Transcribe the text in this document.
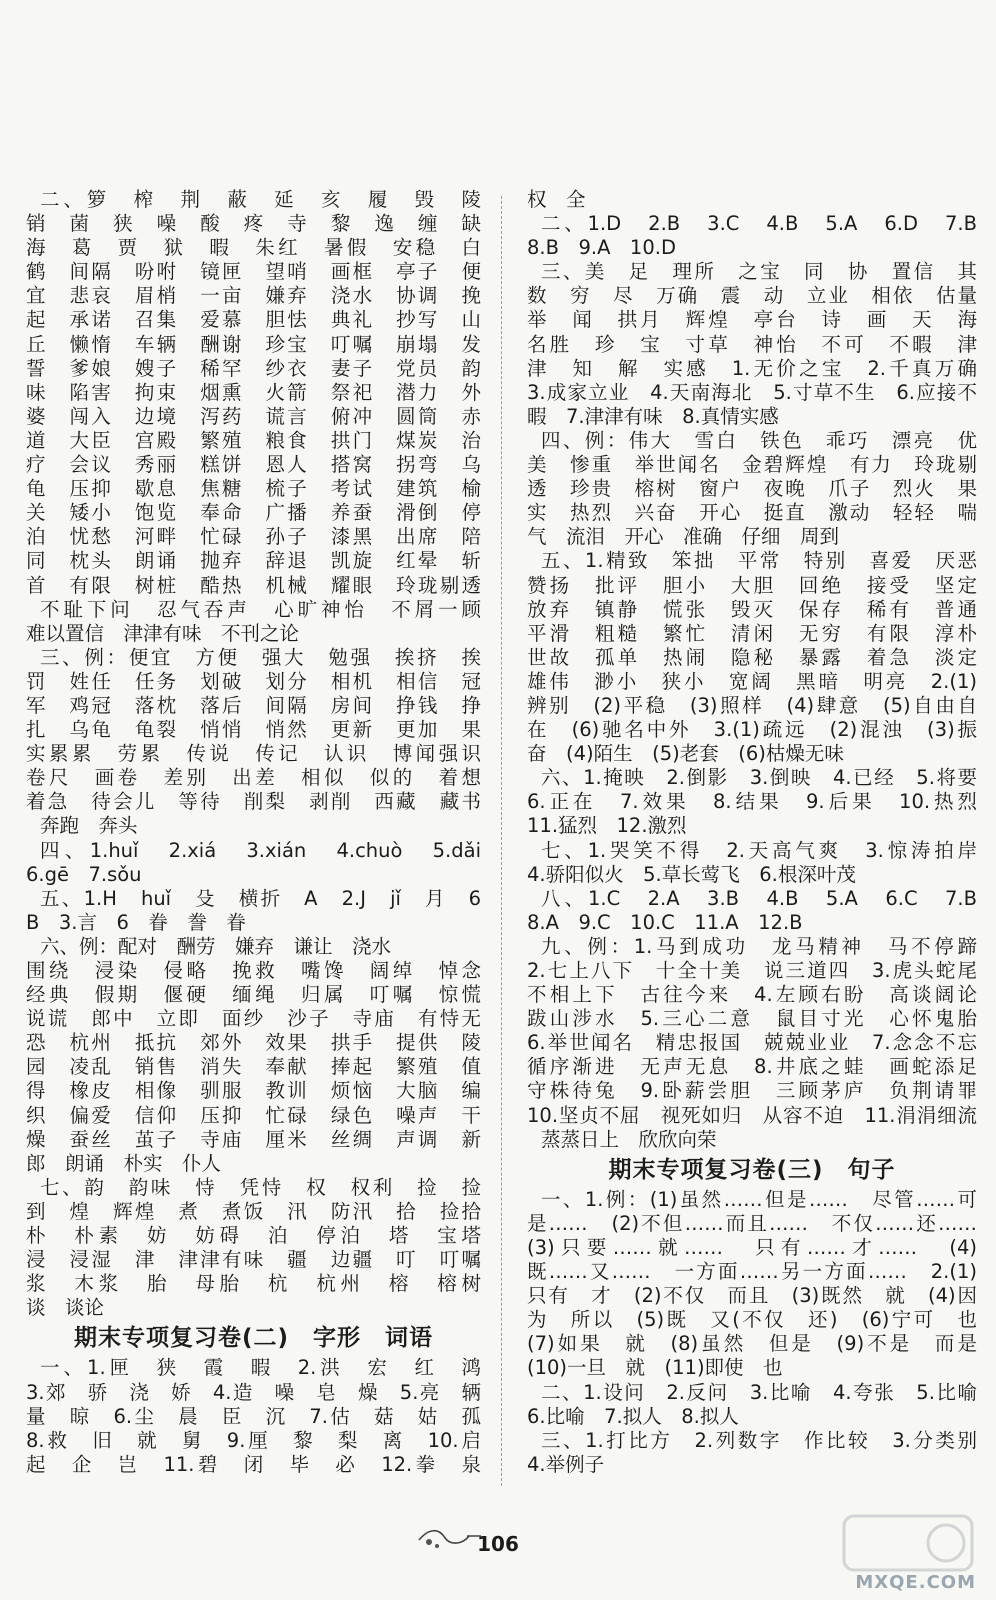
二、箩　榨　荆　蔽　延　亥　履　毁　陵
销　菌　狭　噪　酸　疼　寺　黎　逸　缠　缺
海　葛　贾　狱　暇　朱红　暑假　安稳　白
鹤　间隔　吩咐　镜匣　望哨　画框　亭子　便
宜　悲哀　眉梢　一亩　嫌弃　浇水　协调　挽
起　承诺　召集　爱慕　胆怯　典礼　抄写　山
丘　懒惰　车辆　酬谢　珍宝　叮嘱　崩塌　发
誓　爹娘　嫂子　稀罕　纱衣　妻子　党员　韵
味　陷害　拘束　烟熏　火箭　祭祀　潜力　外
婆　闯入　边境　泻药　谎言　俯冲　圆筒　赤
道　大臣　宫殿　繁殖　粮食　拱门　煤炭　治
疗　会议　秀丽　糕饼　恩人　搭窝　拐弯　乌
龟　压抑　歇息　焦糖　梳子　考试　建筑　榆
关　矮小　饱览　奉命　广播　养蚕　滑倒　停
泊　忧愁　河畔　忙碌　孙子　漆黑　出席　陪
同　枕头　朗诵　抛弃　辞退　凯旋　红晕　斩
首　有限　树桩　酷热　机械　耀眼　玲珑剔透
不耻下问　忍气吞声　心旷神怡　不屑一顾
难以置信　津津有味　不刊之论
三、例：便宜　方便　强大　勉强　挨挤　挨
罚　姓任　任务　划破　划分　相机　相信　冠
军　鸡冠　落枕　落后　间隔　房间　挣钱　挣
扎　乌龟　龟裂　悄悄　悄然　更新　更加　果
实累累　劳累　传说　传记　认识　博闻强识
卷尺　画卷　差别　出差　相似　似的　着想
着急　待会儿　等待　削梨　剥削　西藏　藏书
奔跑　奔头
四、1.huǐ　2.xiá　3.xián　4.chuò　5.dǎi
6.gē　7.sǒu
五、1.H　huǐ　殳　横折　A　2.J　jǐ　月　6
B　3.言　6　眷　誊　眷
六、例：配对　酬劳　嫌弃　谦让　浇水
围绕　浸染　侵略　挽救　嘴馋　阔绰　悼念
经典　假期　偃硬　缅绳　归属　叮嘱　惊慌
说谎　郎中　立即　面纱　沙子　寺庙　有恃无
恐　杭州　抵抗　郊外　效果　拱手　提供　陵
园　凌乱　销售　消失　奉献　捧起　繁殖　值
得　橡皮　相像　驯服　教训　烦恼　大脑　编
织　偏爱　信仰　压抑　忙碌　绿色　噪声　干
燥　蚕丝　茧子　寺庙　厘米　丝绸　声调　新
郎　朗诵　朴实　仆人
七、韵　韵味　恃　凭恃　权　权利　捡　捡
到　煌　辉煌　煮　煮饭　汛　防汛　拾　捡拾
朴　朴素　妨　妨碍　泊　停泊　塔　宝塔
浸　浸湿　津　津津有味　疆　边疆　叮　叮嘱
浆　木浆　胎　母胎　杭　杭州　榕　榕树
谈　谈论
期末专项复习卷(二)　字形　词语
一、1.匣　狭　霞　暇　2.洪　宏　红　鸿
3.郊　骄　浇　娇　4.造　噪　皂　燥　5.亮　辆
量　晾　6.尘　晨　臣　沉　7.估　菇　姑　孤
8.救　旧　就　舅　9.厘　黎　梨　离　10.启
起　企　岂　11.碧　闭　毕　必　12.拳　泉
权　全
二、1.D　2.B　3.C　4.B　5.A　6.D　7.B
8.B　9.A　10.D
三、美　足　理所　之宝　同　协　置信　其
数　穷　尽　万确　震　动　立业　相依　估量
举　闻　拱月　辉煌　亭台　诗　画　天　海
名胜　珍　宝　寸草　神怡　不可　不暇　津
津　知　解　实感　1.无价之宝　2.千真万确
3.成家立业　4.天南海北　5.寸草不生　6.应接不
暇　7.津津有味　8.真情实感
四、例：伟大　雪白　铁色　乖巧　漂亮　优
美　惨重　举世闻名　金碧辉煌　有力　玲珑剔
透　珍贵　榕树　窗户　夜晚　爪子　烈火　果
实　热烈　兴奋　开心　挺直　激动　轻轻　喘
气　流泪　开心　准确　仔细　周到
五、1.精致　笨拙　平常　特别　喜爱　厌恶
赞扬　批评　胆小　大胆　回绝　接受　坚定
放弃　镇静　慌张　毁灭　保存　稀有　普通
平滑　粗糙　繁忙　清闲　无穷　有限　淳朴
世故　孤单　热闹　隐秘　暴露　着急　淡定
雄伟　渺小　狭小　宽阔　黑暗　明亮　2.(1)
辨别　(2)平稳　(3)照样　(4)肆意　(5)自由自
在　(6)驰名中外　3.(1)疏远　(2)混浊　(3)振
奋　(4)陌生　(5)老套　(6)枯燥无味
六、1.掩映　2.倒影　3.倒映　4.已经　5.将要
6.正在　7.效果　8.结果　9.后果　10.热烈
11.猛烈　12.激烈
七、1.哭笑不得　2.天高气爽　3.惊涛拍岸
4.骄阳似火　5.草长莺飞　6.根深叶茂
八、1.C　2.A　3.B　4.B　5.A　6.C　7.B
8.A　9.C　10.C　11.A　12.B
九、例：1.马到成功　龙马精神　马不停蹄
2.七上八下　十全十美　说三道四　3.虎头蛇尾
不相上下　古往今来　4.左顾右盼　高谈阔论
跋山涉水　5.三心二意　鼠目寸光　心怀鬼胎
6.举世闻名　精忠报国　兢兢业业　7.念念不忘
循序渐进　无声无息　8.井底之蛙　画蛇添足
守株待兔　9.卧薪尝胆　三顾茅庐　负荆请罪
10.坚贞不屈　视死如归　从容不迫　11.涓涓细流
蒸蒸日上　欣欣向荣
期末专项复习卷(三)　句子
一、1.例：(1)虽然……但是……　尽管……可
是……　(2)不但……而且……　不仅……还……
(3)只要……就……　只有……才……　(4)
既……又……　一方面……另一方面……　2.(1)
只有　才　(2)不仅　而且　(3)既然　就　(4)因
为　所以　(5)既　又(不仅　还)　(6)宁可　也
(7)如果　就　(8)虽然　但是　(9)不是　而是
(10)一旦　就　(11)即使　也
二、1.设问　2.反问　3.比喻　4.夸张　5.比喻
6.比喻　7.拟人　8.拟人
三、1.打比方　2.列数字　作比较　3.分类别
4.举例子
106
MXQE.COM
